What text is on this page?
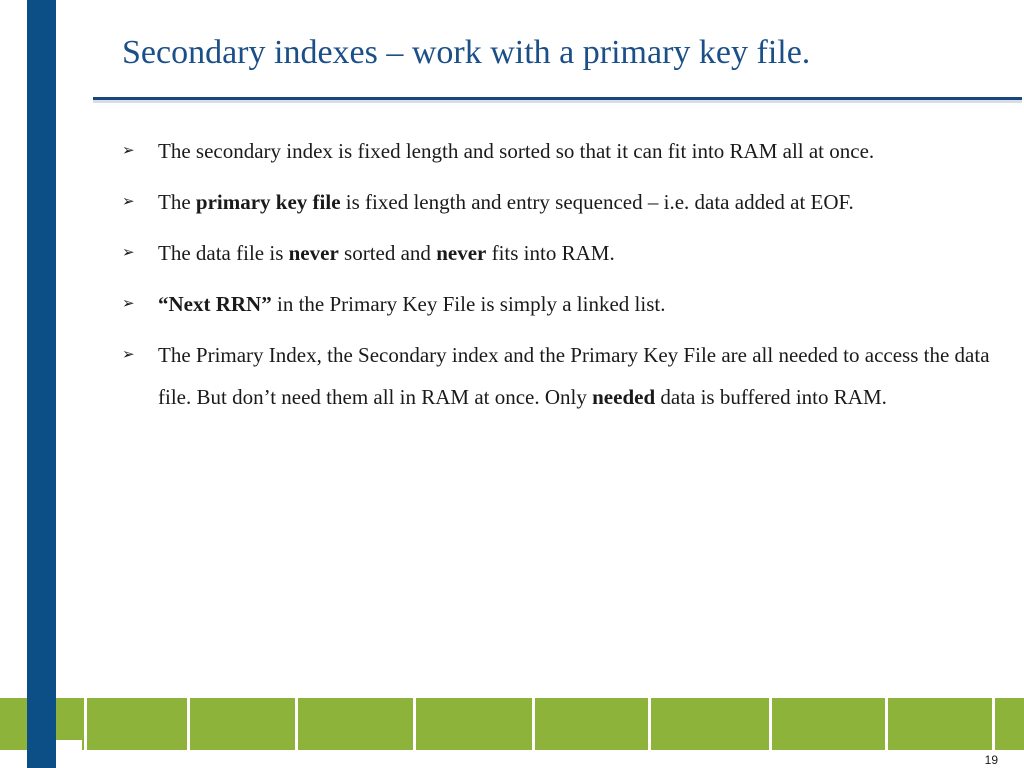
Secondary indexes – work with a primary key file.
➢ The secondary index is fixed length and sorted so that it can fit into RAM all at once.
➢ The primary key file is fixed length and entry sequenced – i.e. data added at EOF.
➢ The data file is never sorted and never fits into RAM.
➢ “Next RRN” in the Primary Key File is simply a linked list.
➢ The Primary Index, the Secondary index and the Primary Key File are all needed to access the data file. But don’t need them all in RAM at once. Only needed data is buffered into RAM.
19
